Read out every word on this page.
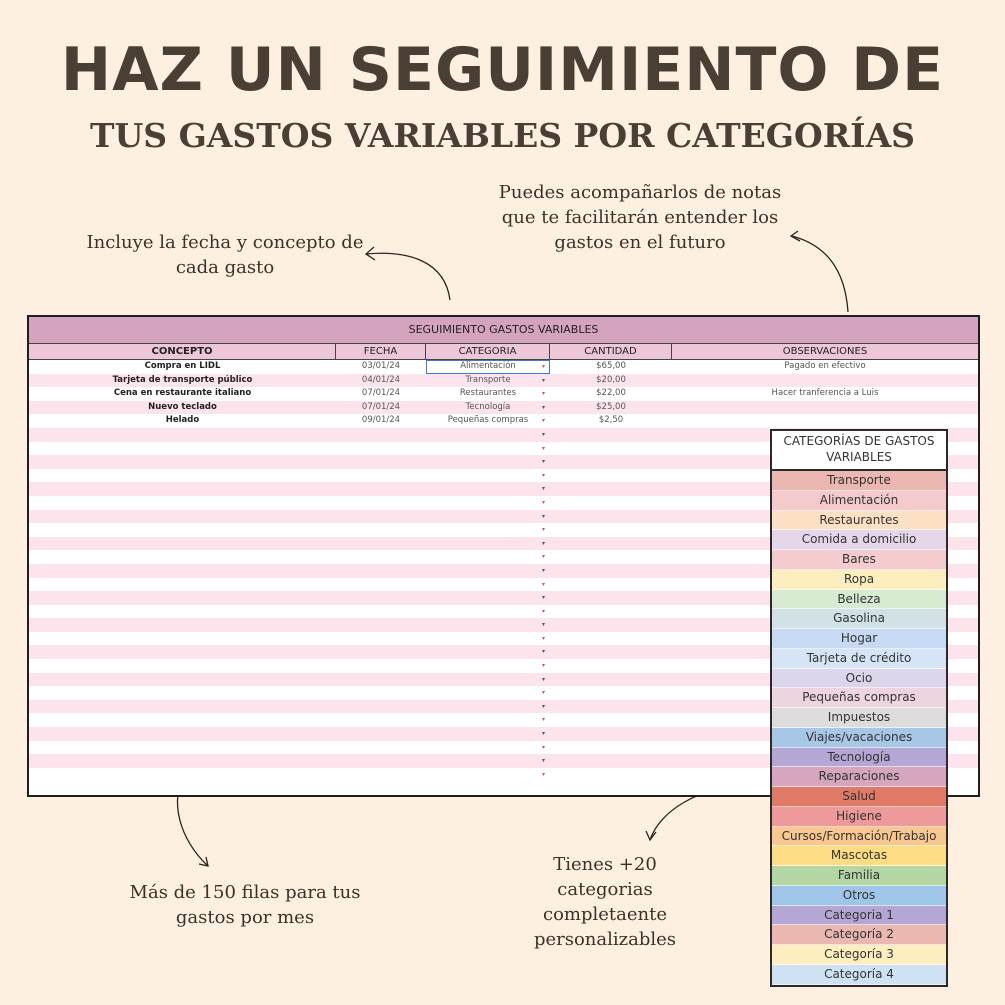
HAZ UN SEGUIMIENTO DE
TUS GASTOS VARIABLES POR CATEGORÍAS
Incluye la fecha y concepto de cada gasto
Puedes acompañarlos de notas que te facilitarán entender los gastos en el futuro
Más de 150 filas para tus gastos por mes
Tienes +20 categorias completaente personalizables
SEGUIMIENTO GASTOS VARIABLES
CONCEPTO	FECHA	CATEGORIA	CANTIDAD	OBSERVACIONES
Compra en LIDL	03/01/24	Alimentación	▾	$65,00	Pagado en efectivo
Tarjeta de transporte público	04/01/24	Transporte	▾	$20,00
Cena en restaurante italiano	07/01/24	Restaurantes	▾	$22,00	Hacer tranferencia a Luis
Nuevo teclado	07/01/24	Tecnología	▾	$25,00
Helado	09/01/24	Pequeñas compras ▾	$2,50
▾
▾
▾
▾
▾
▾
▾
▾
▾
▾
▾
▾
▾
▾
▾
▾
▾
▾
▾
▾
▾
▾
▾
▾
▾
▾
CATEGORÍAS DE GASTOS VARIABLES
Transporte
Alimentación
Restaurantes
Comida a domicilio
Bares
Ropa
Belleza
Gasolina
Hogar
Tarjeta de crédito
Ocio
Pequeñas compras
Impuestos
Viajes/vacaciones
Tecnología
Reparaciones
Salud
Higiene
Cursos/Formación/Trabajo
Mascotas
Familia
Otros
Categoria 1
Categoría 2
Categoría 3
Categoría 4
